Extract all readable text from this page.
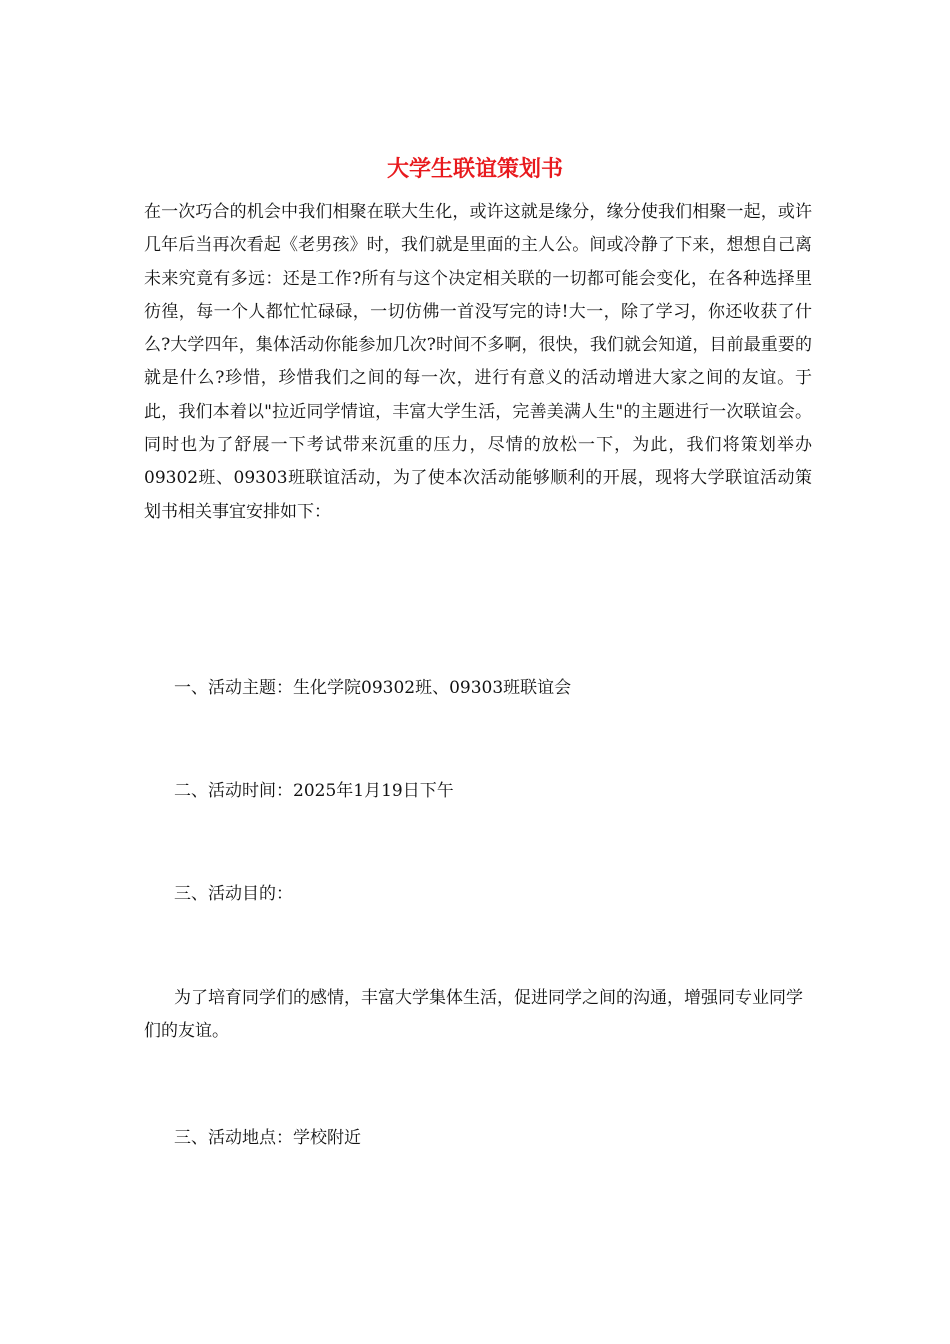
大学生联谊策划书

在一次巧合的机会中我们相聚在联大生化，或许这就是缘分，缘分使我们相聚一起，或许几年后当再次看起《老男孩》时，我们就是里面的主人公。间或冷静了下来，想想自己离未来究竟有多远：还是工作?所有与这个决定相关联的一切都可能会变化，在各种选择里彷徨，每一个人都忙忙碌碌，一切仿佛一首没写完的诗!大一，除了学习，你还收获了什么?大学四年，集体活动你能参加几次?时间不多啊，很快，我们就会知道，目前最重要的就是什么?珍惜，珍惜我们之间的每一次，进行有意义的活动增进大家之间的友谊。于此，我们本着以"拉近同学情谊，丰富大学生活，完善美满人生"的主题进行一次联谊会。同时也为了舒展一下考试带来沉重的压力，尽情的放松一下，为此，我们将策划举办09302班、09303班联谊活动，为了使本次活动能够顺利的开展，现将大学联谊活动策划书相关事宜安排如下：

一、活动主题：生化学院09302班、09303班联谊会

二、活动时间：2025年1月19日下午

三、活动目的：

为了培育同学们的感情，丰富大学集体生活，促进同学之间的沟通，增强同专业同学们的友谊。

三、活动地点：学校附近
